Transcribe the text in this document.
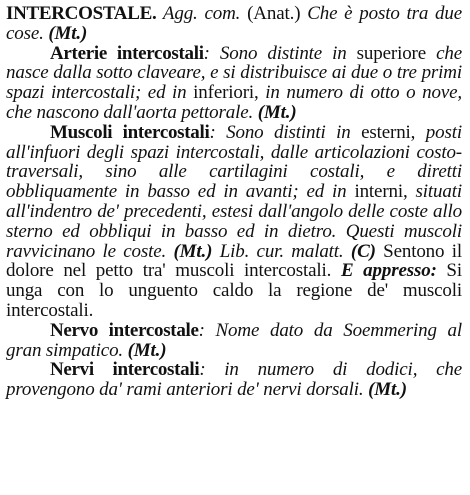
INTERCOSTALE. Agg. com. (Anat.) Che è posto tra due cose. (Mt.)

Arterie intercostali: Sono distinte in superiore che nasce dalla sotto claveare, e si distribuisce ai due o tre primi spazi intercostali; ed in inferiori, in numero di otto o nove, che nascono dall'aorta pettorale. (Mt.)

Muscoli intercostali: Sono distinti in esterni, posti all'infuori degli spazi intercostali, dalle articolazioni costo-traversali, sino alle cartilagini costali, e diretti obbliquamente in basso ed in avanti; ed in interni, situati all'indentro de' precedenti, estesi dall'angolo delle coste allo sterno ed obbliqui in basso ed in dietro. Questi muscoli ravvicinano le coste. (Mt.) Lib. cur. malatt. (C) Sentono il dolore nel petto tra' muscoli intercostali. E appresso: Si unga con lo unguento caldo la regione de' muscoli intercostali.

Nervo intercostale: Nome dato da Soemmering al gran simpatico. (Mt.)

Nervi intercostali: in numero di dodici, che provengono da' rami anteriori de' nervi dorsali. (Mt.)
